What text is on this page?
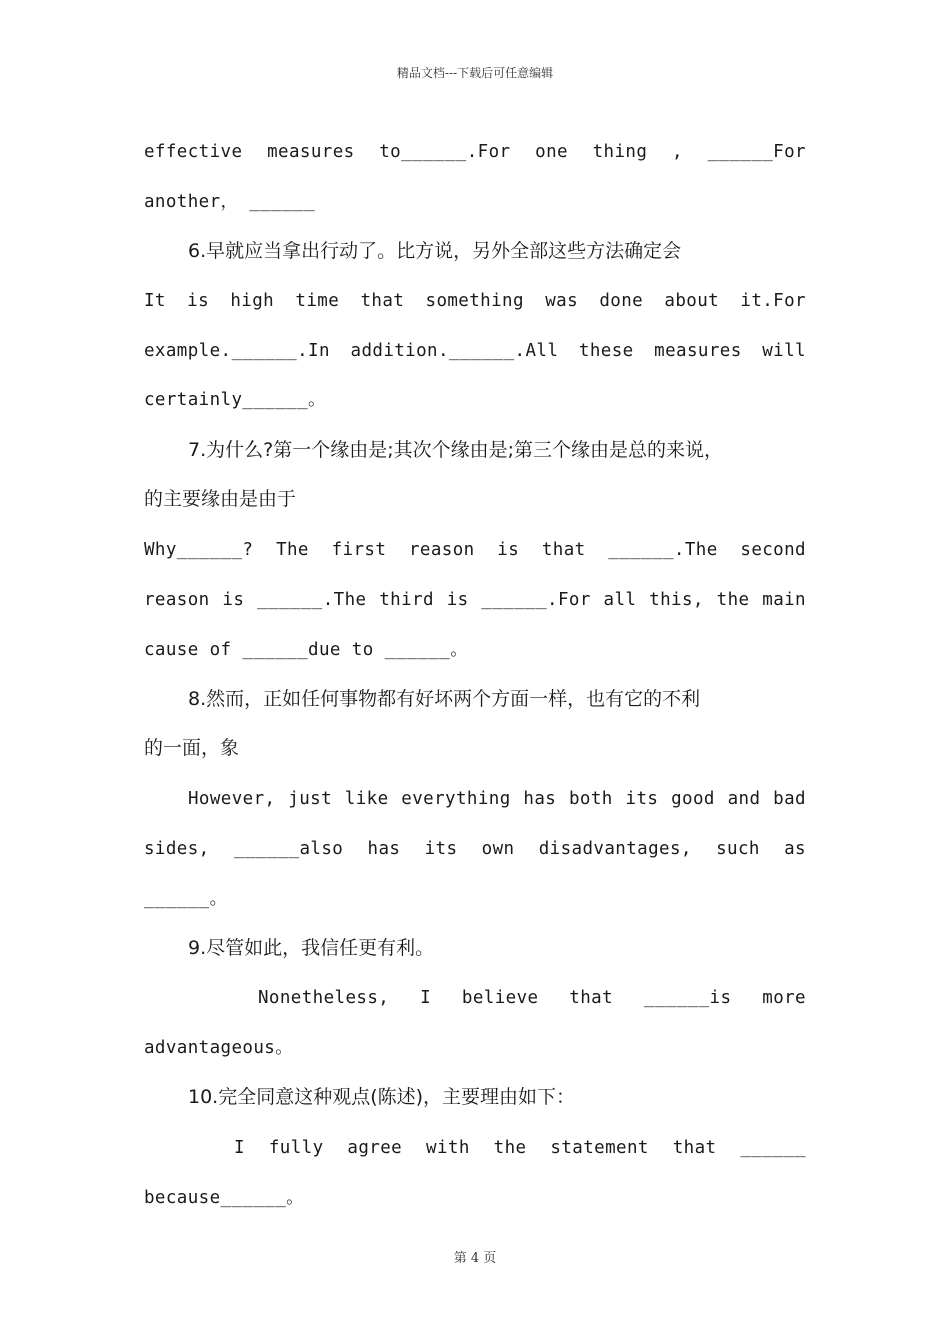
精品文档---下载后可任意编辑
effective measures to______.For one thing , ______For
another， ______
6.早就应当拿出行动了。比方说，另外全部这些方法确定会
It is high time that something was done about it.For
example.______.In addition.______.All these measures will
certainly______。
7.为什么?第一个缘由是;其次个缘由是;第三个缘由是总的来说，
的主要缘由是由于
Why______? The first reason is that ______.The second
reason is ______.The third is ______.For all this, the main
cause of ______due to ______。
8.然而，正如任何事物都有好坏两个方面一样，也有它的不利
的一面，象
However, just like everything has both its good and bad
sides, ______also has its own disadvantages, such as
______。
9.尽管如此，我信任更有利。
Nonetheless, I believe that ______is more
advantageous。
10.完全同意这种观点(陈述)，主要理由如下：
I fully agree with the statement that ______
because______。
第 4 页
